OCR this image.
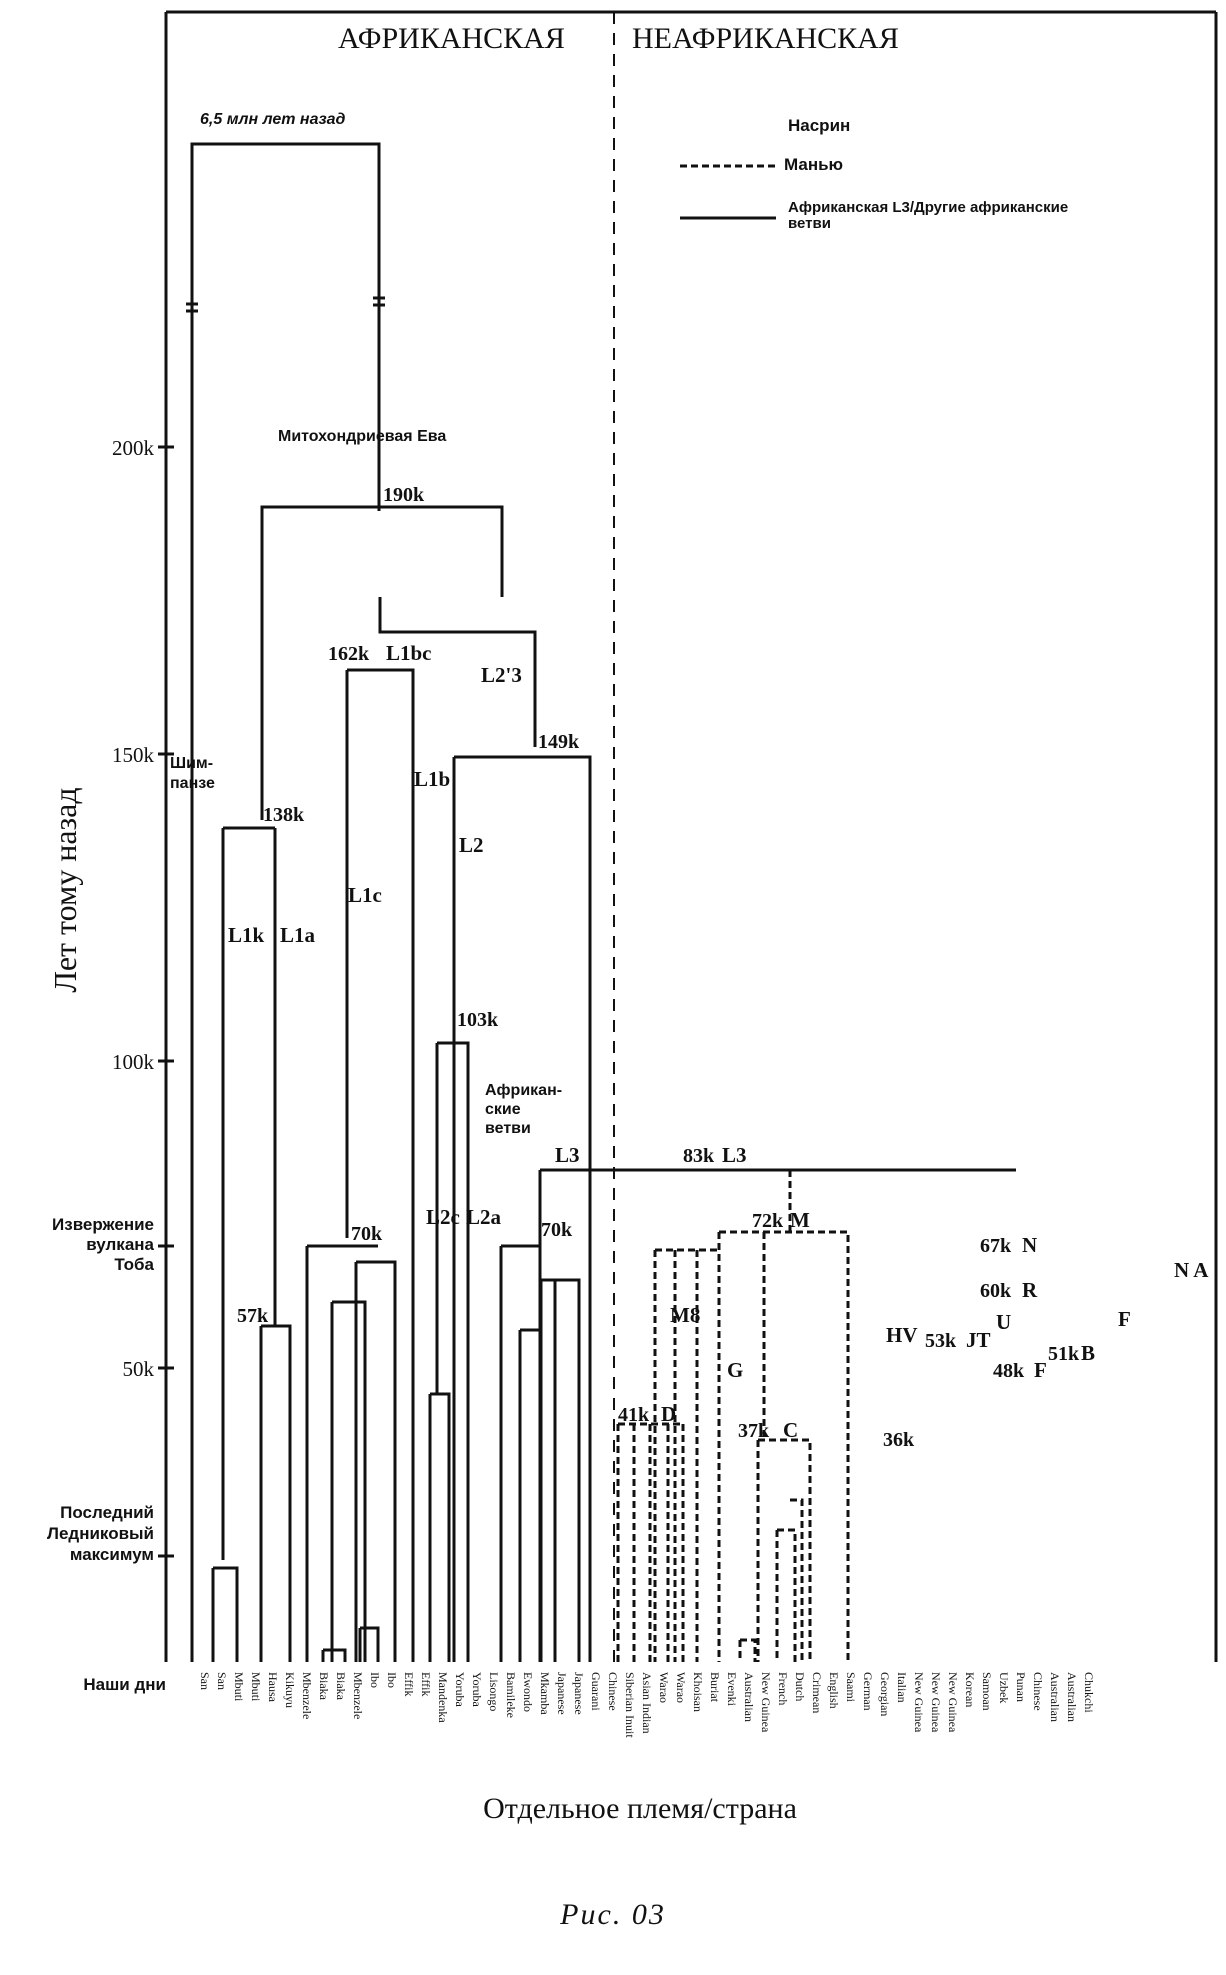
АФРИКАНСКАЯ НЕАФРИКАНСКАЯ
Насрин
Манью
Африканская L3/Другие африканские ветви
200k
150k
100k
50k
Лет тому назад
Извержение вулкана Тоба
Последний Ледниковый максимум
Наши дни
6,5 млн лет назад
Митохондриевая Ева
Шим-панзе
Африкан-ские ветви
190k
162k
149k
138k
103k
83k
72k
70k	70k
67k
60k
57k
53k
51k
48k
41k
37k	36k
L1bc
L2'3
L1b
L2
L1c
L1k L1a
L2c L2a
L3	L3
M
M8
G
D
C
N
R
U
HV JT
F
B
F
N A
San San Mbuti Mbuti Hausa Kikuyu Mbenzele Biaka Biaka Mbenzele Ibo Ibo Effik Effik Mandenka Yoruba Yoruba Lisongo Bamileke Ewondo Mkamba Japanese Japanese Guarani Chinese Siberian Inuit Asian Indian Warao Warao Khoisan Buriat Evenki Australian New Guinea French Dutch Crimean English Saami German Georgian Italian New Guinea New Guinea New Guinea Korean Samoan Uzbek Punan Chinese Australian Australian Chukchi
Отдельное племя/страна
Рис. 03
